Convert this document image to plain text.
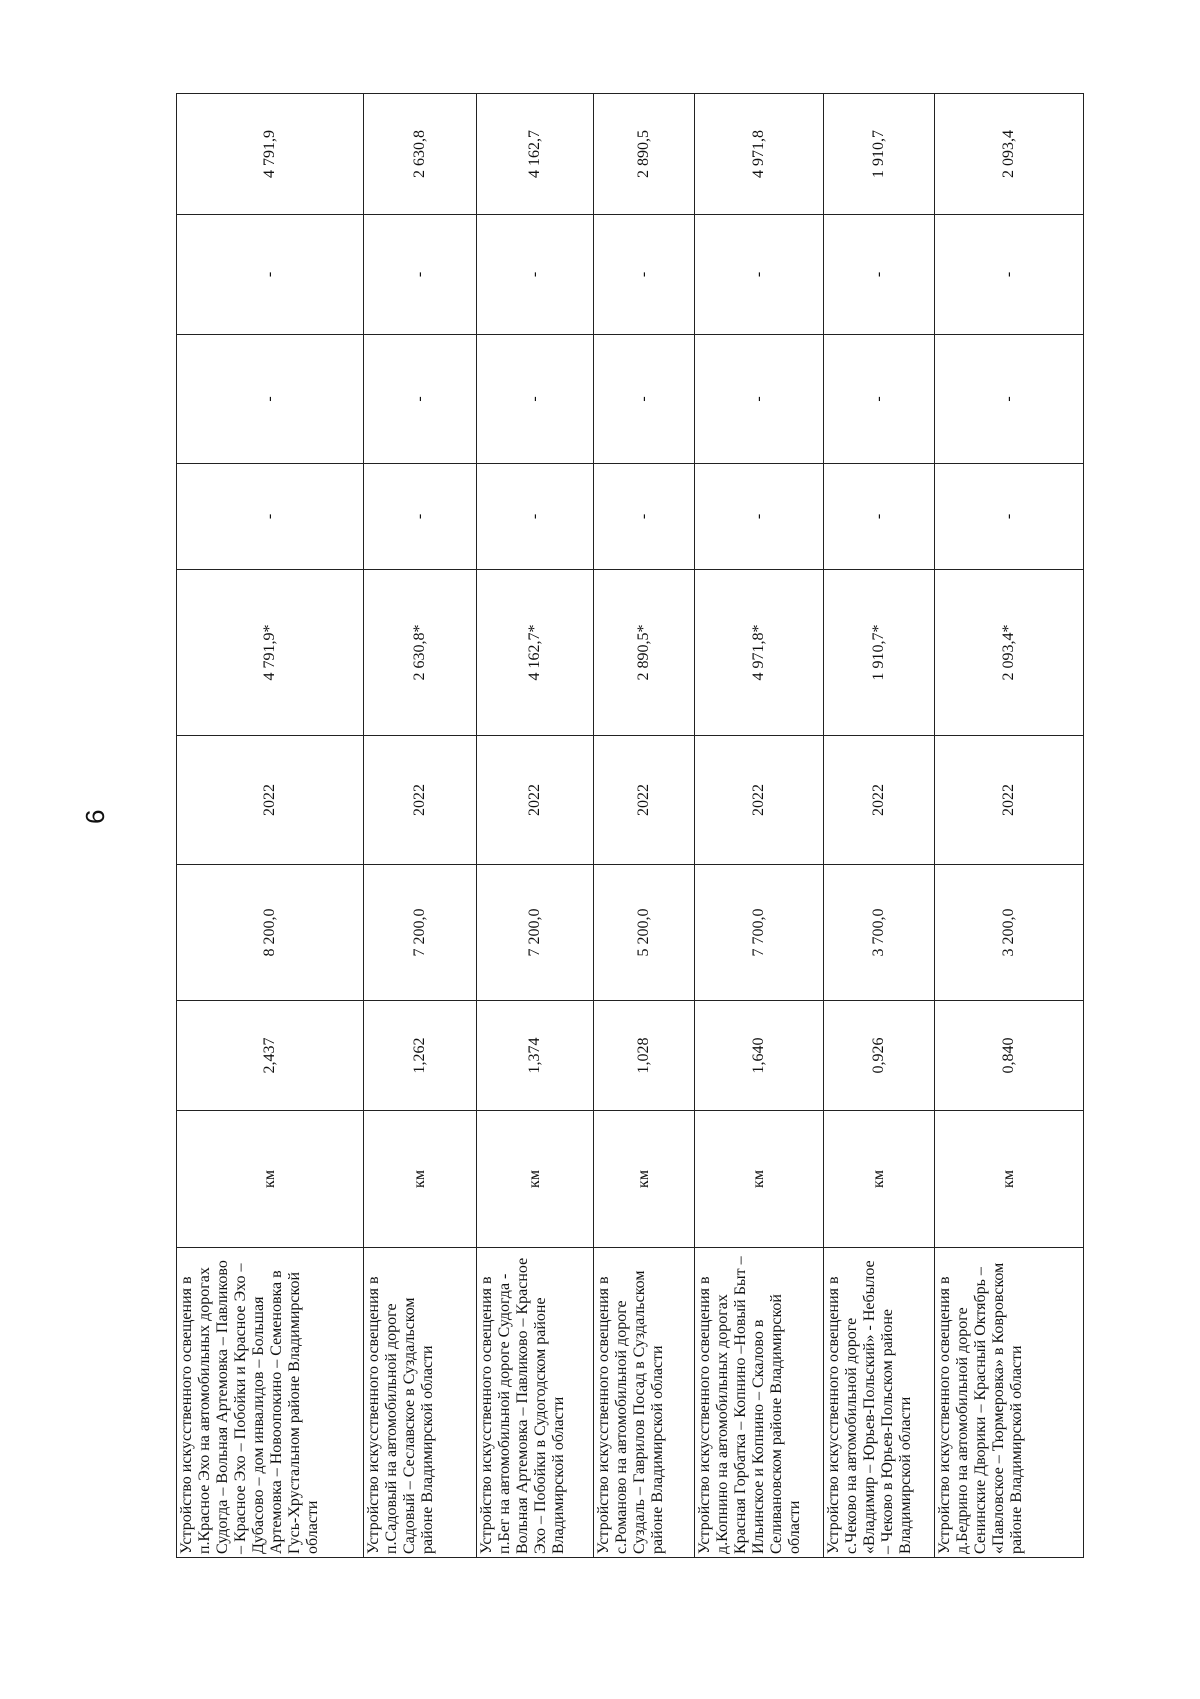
6
Устройство искусственного освещения в п.Красное Эхо на автомобильных дорогах Судогда – Вольная Артемовка – Павликово – Красное Эхо – Побойки и Красное Эхо – Дубасово – дом инвалидов – Большая Артемовка – Новоопокино – Семеновка в Гусь-Хрустальном районе Владимирской области	км	2,437	8 200,0	2022	4 791,9*	-	-	-	4 791,9
Устройство искусственного освещения в п.Садовый на автомобильной дороге Садовый – Сеславское в Суздальском районе Владимирской области	км	1,262	7 200,0	2022	2 630,8*	-	-	-	2 630,8
Устройство искусственного освещения в п.Бег на автомобильной дороге Судогда - Вольная Артемовка – Павликово – Красное Эхо – Побойки в Судогодском районе Владимирской области	км	1,374	7 200,0	2022	4 162,7*	-	-	-	4 162,7
Устройство искусственного освещения в с.Романово на автомобильной дороге Суздаль – Гаврилов Посад в Суздальском районе Владимирской области	км	1,028	5 200,0	2022	2 890,5*	-	-	-	2 890,5
Устройство искусственного освещения в д.Копнино на автомобильных дорогах Красная Горбатка – Копнино –Новый Быт – Ильинское и Копнино – Скалово в Селивановском районе Владимирской области	км	1,640	7 700,0	2022	4 971,8*	-	-	-	4 971,8
Устройство искусственного освещения в с.Чеково на автомобильной дороге «Владимир – Юрьев-Польский» - Небылое – Чеково в Юрьев-Польском районе Владимирской области	км	0,926	3 700,0	2022	1 910,7*	-	-	-	1 910,7
Устройство искусственного освещения в д.Бедрино на автомобильной дороге Сенинские Дворики – Красный Октябрь – «Павловское – Тюрмеровка» в Ковровском районе Владимирской области	км	0,840	3 200,0	2022	2 093,4*	-	-	-	2 093,4
